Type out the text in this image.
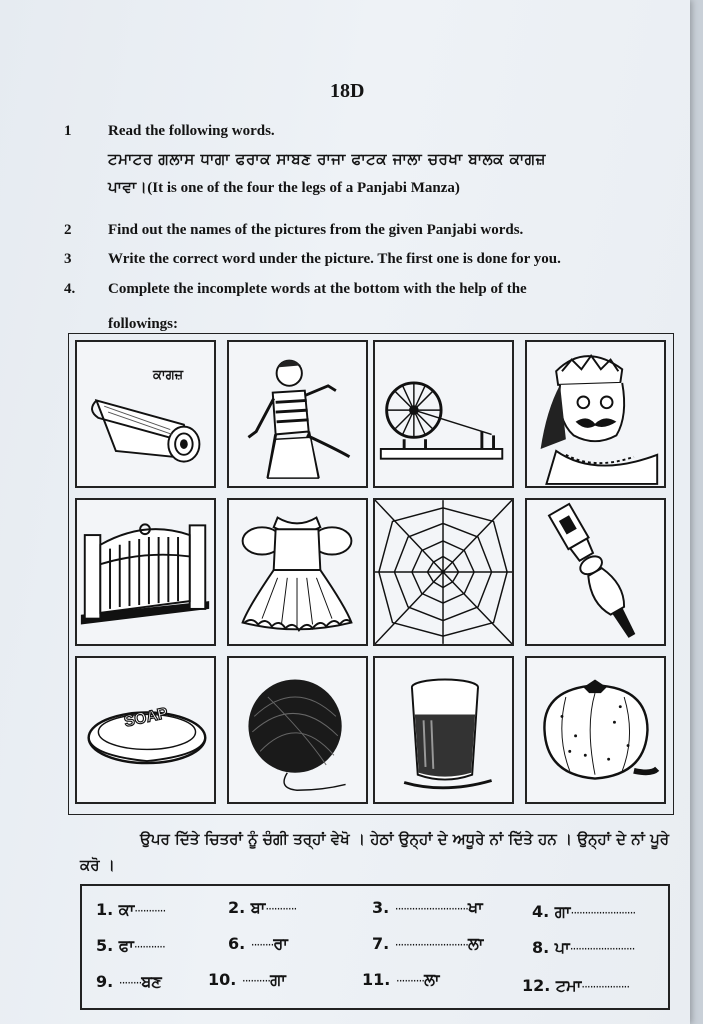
18D
1 Read the following words.
ਟਮਾਟਰ ਗਲਾਸ ਧਾਗਾ ਫਰਾਕ ਸਾਬਣ ਰਾਜਾ ਫਾਟਕ ਜਾਲਾ ਚਰਖਾ ਬਾਲਕ ਕਾਗਜ਼
ਪਾਵਾ।(It is one of the four the legs of a Panjabi Manza)
2 Find out the names of the pictures from the given Panjabi words.
3 Write the correct word under the picture. The first one is done for you.
4. Complete the incomplete words at the bottom with the help of the
followings:
ਕਾਗਜ਼
SOAP
ਉਪਰ ਦਿੱਤੇ ਚਿਤਰਾਂ ਨੂੰ ਚੰਗੀ ਤਰ੍ਹਾਂ ਵੇਖੋ । ਹੇਠਾਂ ਉਨ੍ਹਾਂ ਦੇ ਅਧੂਰੇ ਨਾਂ ਦਿੱਤੇ ਹਨ । ਉਨ੍ਹਾਂ ਦੇ ਨਾਂ ਪੂਰੇ ਕਰੋ ।
1. ਕਾ···········	2. ਬਾ···········	3. ··························ਖਾ	4. ਗਾ·······················
5. ਫਾ···········	6. ········ਰਾ	7. ··························ਲਾ	8. ਪਾ·······················
9. ········ਬਣ	10. ··········ਗਾ	11. ··········ਲਾ	12. ਟਮਾ·················
